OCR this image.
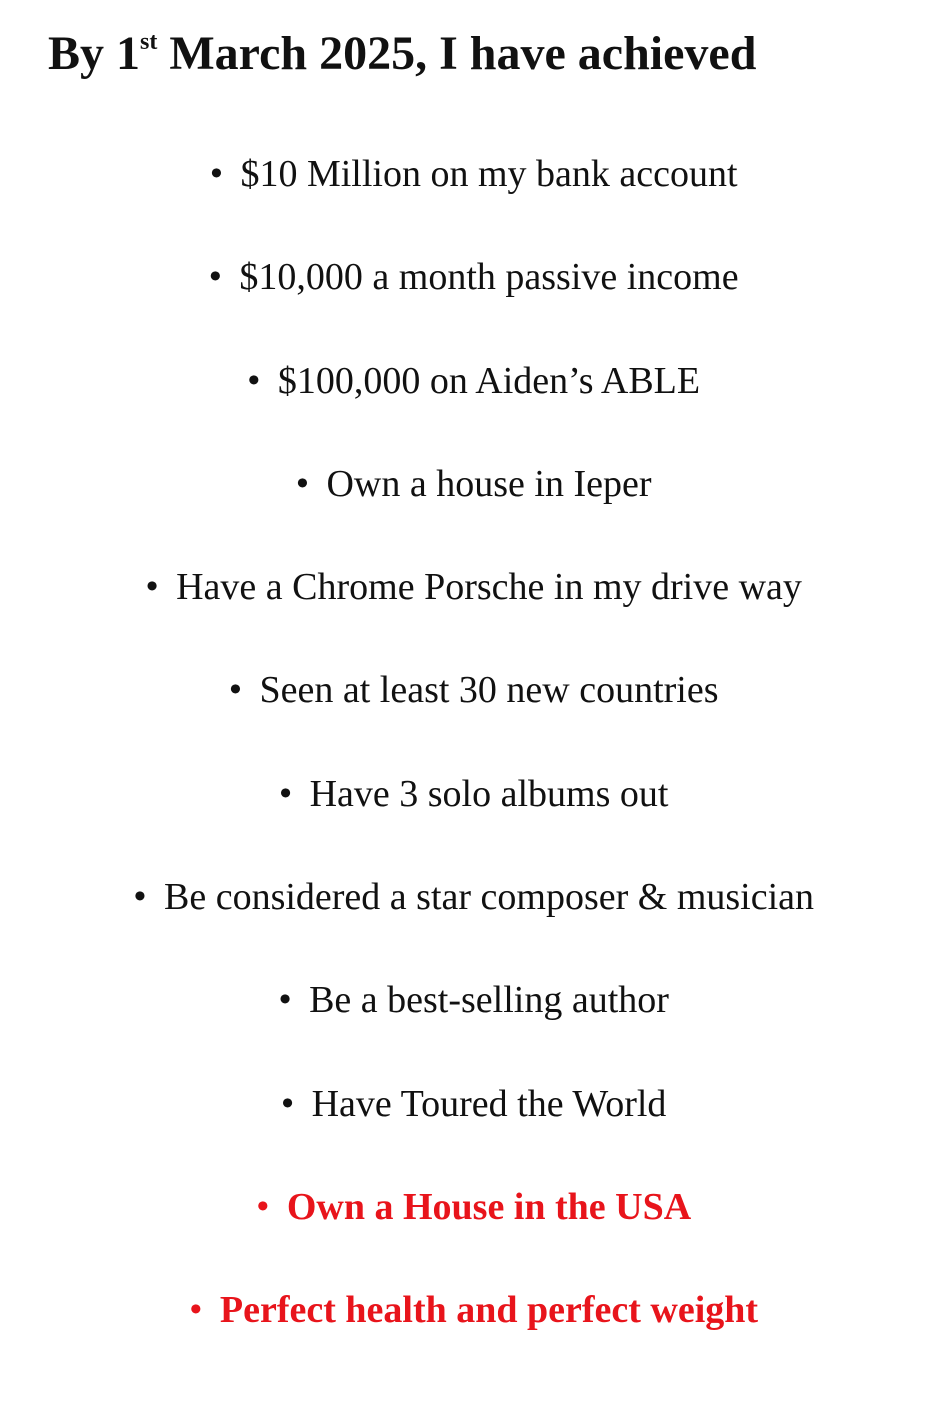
By 1st March 2025, I have achieved
• $10 Million on my bank account
• $10,000 a month passive income
• $100,000 on Aiden’s ABLE
• Own a house in Ieper
• Have a Chrome Porsche in my drive way
• Seen at least 30 new countries
• Have 3 solo albums out
• Be considered a star composer & musician
• Be a best-selling author
• Have Toured the World
• Own a House in the USA
• Perfect health and perfect weight
